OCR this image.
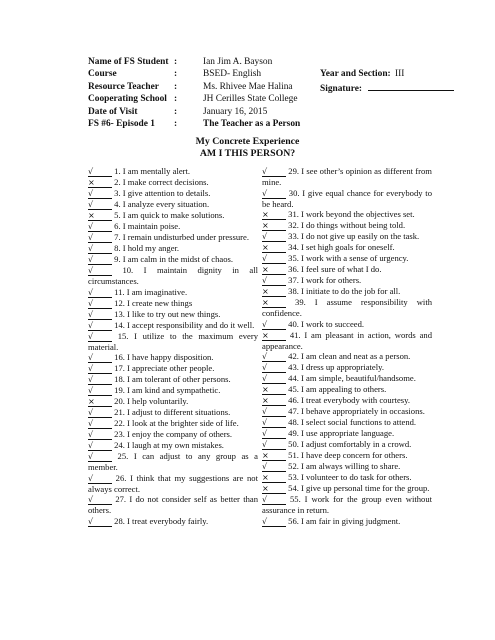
Name of FS Student :	Ian Jim A. Bayson
Course	:	BSED- English
Resource Teacher :	Ms. Rhivee Mae Halina
Cooperating School :	JH Cerilles State College
Date of Visit	:	January 16, 2015
FS #6- Episode 1 :	The Teacher as a Person
Year and Section: III
Signature:
My Concrete Experience
AM I THIS PERSON?
√ 1. I am mentally alert.
× 2. I make correct decisions.
√ 3. I give attention to details.
√ 4. I analyze every situation.
× 5. I am quick to make solutions.
√ 6. I maintain poise.
√ 7. I remain undisturbed under pressure.
√ 8. I hold my anger.
√ 9. I am calm in the midst of chaos.
√	10. I maintain dignity in all circumstances.
√ 11. I am imaginative.
√ 12. I create new things
√ 13. I like to try out new things.
√ 14. I accept responsibility and do it well.
√	15. I utilize to the maximum every material.
√ 16. I have happy disposition.
√ 17. I appreciate other people.
√ 18. I am tolerant of other persons.
√ 19. I am kind and sympathetic.
× 20. I help voluntarily.
√ 21. I adjust to different situations.
√ 22. I look at the brighter side of life.
√ 23. I enjoy the company of others.
√ 24. I laugh at my own mistakes.
√	25. I can adjust to any group as a member.
√	26. I think that my suggestions are not always correct.
√	27. I do not consider self as better than others.
√ 28. I treat everybody fairly.
√ 29. I see other’s opinion as different from mine.
√	30. I give equal chance for everybody to be heard.
× 31. I work beyond the objectives set.
× 32. I do things without being told.
√ 33. I do not give up easily on the task.
× 34. I set high goals for oneself.
√ 35. I work with a sense of urgency.
× 36. I feel sure of what I do.
√ 37. I work for others.
× 38. I initiate to do the job for all.
×	39. I assume responsibility with confidence.
√ 40. I work to succeed.
× 41. I am pleasant in action, words and appearance.
√ 42. I am clean and neat as a person.
√ 43. I dress up appropriately.
√ 44. I am simple, beautiful/handsome.
× 45. I am appealing to others.
× 46. I treat everybody with courtesy.
√ 47. I behave appropriately in occasions.
√ 48. I select social functions to attend.
√ 49. I use appropriate language.
√ 50. I adjust comfortably in a crowd.
× 51. I have deep concern for others.
√ 52. I am always willing to share.
× 53. I volunteer to do task for others.
× 54. I give up personal time for the group.
√	55. I work for the group even without assurance in return.
√ 56. I am fair in giving judgment.
